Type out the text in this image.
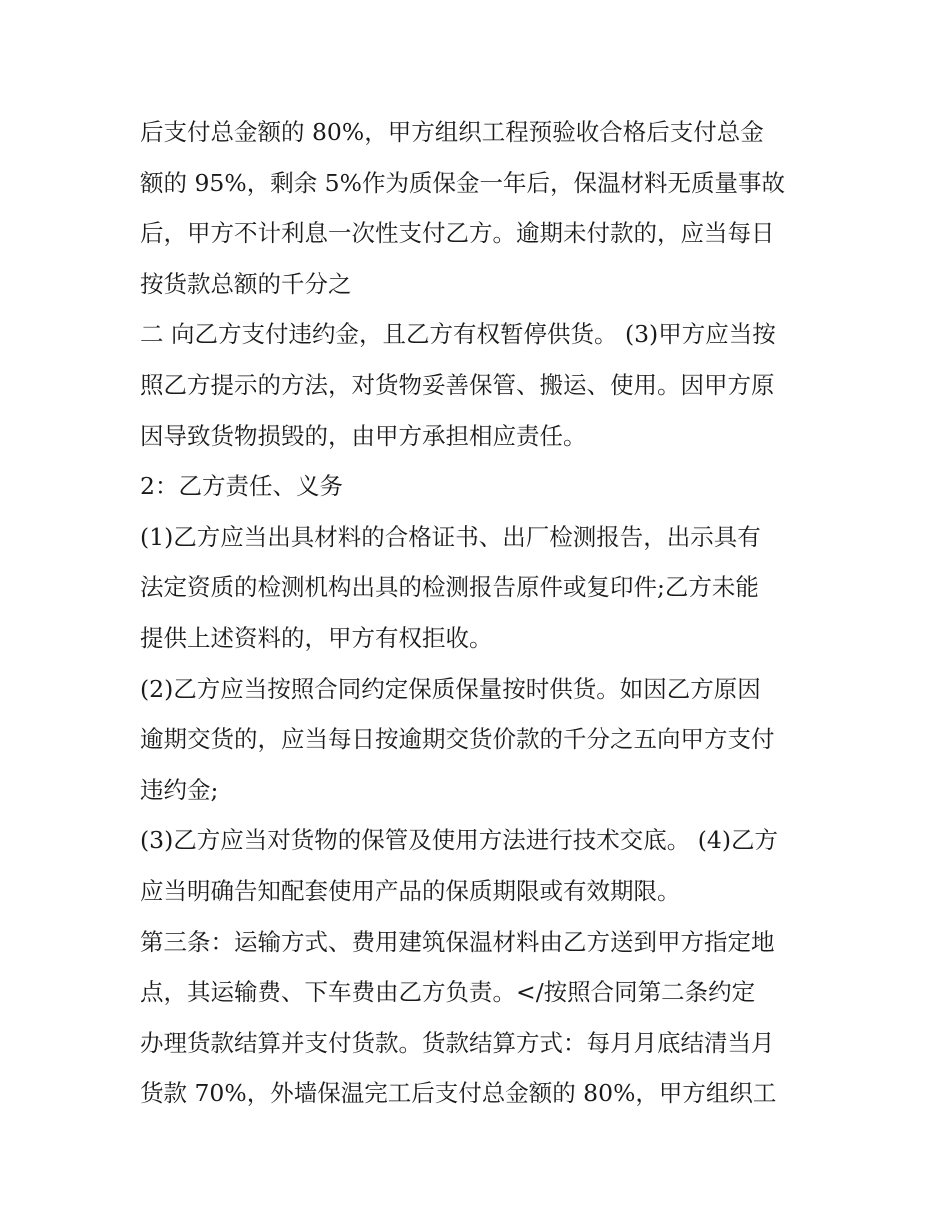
后支付总金额的 80%，甲方组织工程预验收合格后支付总金
额的 95%，剩余 5%作为质保金一年后，保温材料无质量事故
后，甲方不计利息一次性支付乙方。逾期未付款的，应当每日
按货款总额的千分之
二 向乙方支付违约金，且乙方有权暂停供货。 (3)甲方应当按
照乙方提示的方法，对货物妥善保管、搬运、使用。因甲方原
因导致货物损毁的，由甲方承担相应责任。
2：乙方责任、义务
(1)乙方应当出具材料的合格证书、出厂检测报告，出示具有
法定资质的检测机构出具的检测报告原件或复印件;乙方未能
提供上述资料的，甲方有权拒收。
(2)乙方应当按照合同约定保质保量按时供货。如因乙方原因
逾期交货的，应当每日按逾期交货价款的千分之五向甲方支付
违约金;
(3)乙方应当对货物的保管及使用方法进行技术交底。 (4)乙方
应当明确告知配套使用产品的保质期限或有效期限。
第三条：运输方式、费用建筑保温材料由乙方送到甲方指定地
点，其运输费、下车费由乙方负责。</按照合同第二条约定
办理货款结算并支付货款。货款结算方式：每月月底结清当月
货款 70%，外墙保温完工后支付总金额的 80%，甲方组织工
